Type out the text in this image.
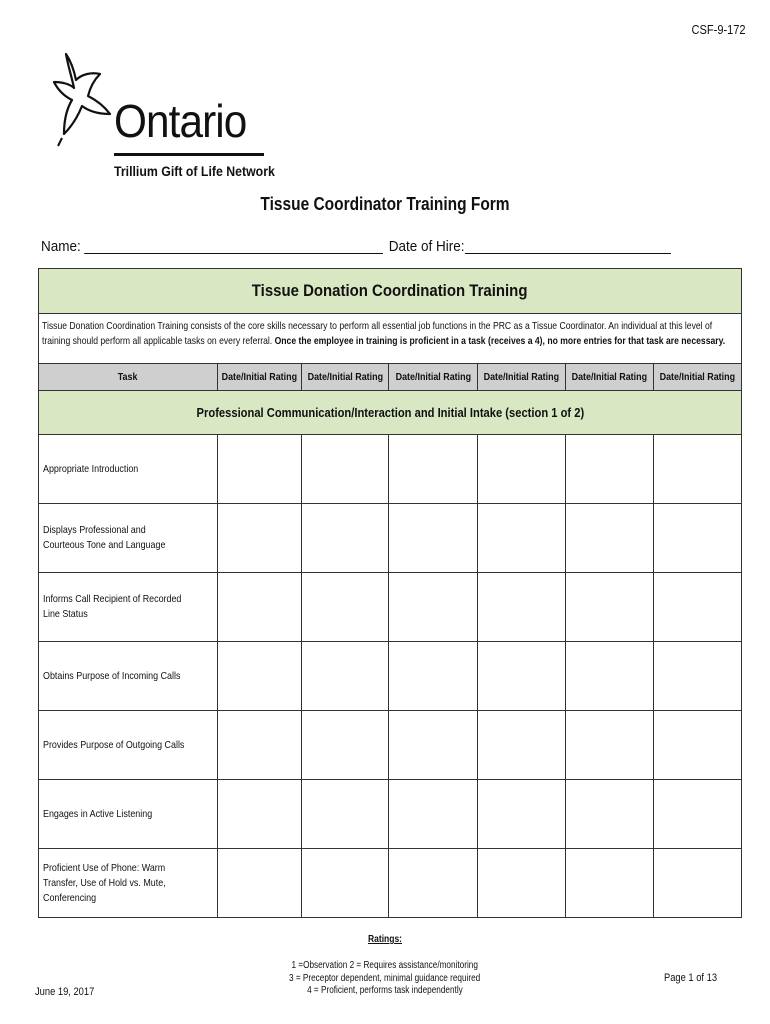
CSF-9-172
Ontario
Trillium Gift of Life Network
Tissue Coordinator Training Form
Name:	Date of Hire:
Tissue Donation Coordination Training

Tissue Donation Coordination Training consists of the core skills necessary to perform all essential job functions in the PRC as a Tissue Coordinator. An individual at this level of training should perform all applicable tasks on every referral. Once the employee in training is proficient in a task (receives a 4), no more entries for that task are necessary.

Task	Date/Initial Rating Date/Initial Rating Date/Initial Rating Date/Initial Rating Date/Initial Rating Date/Initial Rating
Professional Communication/Interaction and Initial Intake (section 1 of 2)
Appropriate Introduction
Displays Professional and Courteous Tone and Language
Informs Call Recipient of Recorded Line Status
Obtains Purpose of Incoming Calls
Provides Purpose of Outgoing Calls
Engages in Active Listening
Proficient Use of Phone: Warm Transfer, Use of Hold vs. Mute, Conferencing
Ratings:
1 =Observation 2 = Requires assistance/monitoring
3 = Preceptor dependent, minimal guidance required
4 = Proficient, performs task independently
June 19, 2017
Page 1 of 13
